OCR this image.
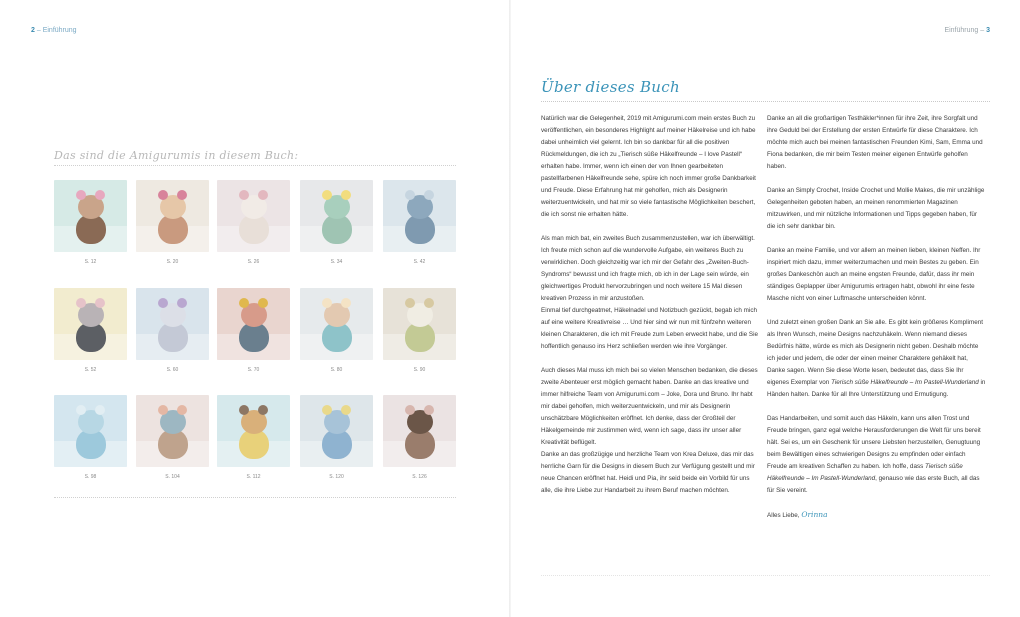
2 – Einführung
Das sind die Amigurumis in diesem Buch:
S. 12	S. 20	S. 26	S. 34	S. 42
S. 52	S. 60	S. 70	S. 80	S. 90
S. 98	S. 104	S. 112	S. 120	S. 126
Einführung – 3
Über dieses Buch

Natürlich war die Gelegenheit, 2019 mit Amigurumi.com mein erstes Buch zu veröffentlichen, ein besonderes Highlight auf meiner Häkelreise und ich habe dabei unheimlich viel gelernt. Ich bin so dankbar für all die positiven Rückmeldungen, die ich zu „Tierisch süße Häkelfreunde – I love Pastell“ erhalten habe. Immer, wenn ich einen der von Ihnen gearbeiteten pastellfarbenen Häkelfreunde sehe, spüre ich noch immer große Dankbarkeit und Freude. Diese Erfahrung hat mir geholfen, mich als Designerin weiterzuentwickeln, und hat mir so viele fantastische Möglichkeiten beschert, die ich sonst nie erhalten hätte.

Als man mich bat, ein zweites Buch zusammenzustellen, war ich überwältigt. Ich freute mich schon auf die wundervolle Aufgabe, ein weiteres Buch zu verwirklichen. Doch gleichzeitig war ich mir der Gefahr des „Zweiten-Buch-Syndroms“ bewusst und ich fragte mich, ob ich in der Lage sein würde, ein gleichwertiges Produkt hervorzubringen und noch weitere 15 Mal diesen kreativen Prozess in mir anzustoßen.

Einmal tief durchgeatmet, Häkelnadel und Notizbuch gezückt, begab ich mich auf eine weitere Kreativreise … Und hier sind wir nun mit fünfzehn weiteren kleinen Charakteren, die ich mit Freude zum Leben erweckt habe, und die Sie hoffentlich genauso ins Herz schließen werden wie ihre Vorgänger.

Auch dieses Mal muss ich mich bei so vielen Menschen bedanken, die dieses zweite Abenteuer erst möglich gemacht haben. Danke an das kreative und immer hilfreiche Team von Amigurumi.com – Joke, Dora und Bruno. Ihr habt mir dabei geholfen, mich weiterzuentwickeln, und mir als Designerin unschätzbare Möglichkeiten eröffnet. Ich denke, dass der Großteil der Häkelgemeinde mir zustimmen wird, wenn ich sage, dass ihr unser aller Kreativität beflügelt.

Danke an das großzügige und herzliche Team von Krea Deluxe, das mir das herrliche Garn für die Designs in diesem Buch zur Verfügung gestellt und mir neue Chancen eröffnet hat. Heidi und Pia, ihr seid beide ein Vorbild für uns alle, die ihre Liebe zur Handarbeit zu ihrem Beruf machen möchten.

Danke an all die großartigen Testhäkler*innen für ihre Zeit, ihre Sorgfalt und ihre Geduld bei der Erstellung der ersten Entwürfe für diese Charaktere. Ich möchte mich auch bei meinen fantastischen Freunden Kimi, Sam, Emma und Fiona bedanken, die mir beim Testen meiner eigenen Entwürfe geholfen haben.

Danke an Simply Crochet, Inside Crochet und Mollie Makes, die mir unzählige Gelegenheiten geboten haben, an meinen renommierten Magazinen mitzuwirken, und mir nützliche Informationen und Tipps gegeben haben, für die ich sehr dankbar bin.

Danke an meine Familie, und vor allem an meinen lieben, kleinen Neffen. Ihr inspiriert mich dazu, immer weiterzumachen und mein Bestes zu geben. Ein großes Dankeschön auch an meine engsten Freunde, dafür, dass ihr mein ständiges Geplapper über Amigurumis ertragen habt, obwohl ihr eine feste Masche nicht von einer Luftmasche unterscheiden könnt.

Und zuletzt einen großen Dank an Sie alle. Es gibt kein größeres Kompliment als Ihren Wunsch, meine Designs nachzuhäkeln. Wenn niemand dieses Bedürfnis hätte, würde es mich als Designerin nicht geben. Deshalb möchte ich jeder und jedem, die oder der einen meiner Charaktere gehäkelt hat, Danke sagen. Wenn Sie diese Worte lesen, bedeutet das, dass Sie Ihr eigenes Exemplar von Tierisch süße Häkelfreunde – Im Pastell-Wunderland in Händen halten. Danke für all Ihre Unterstützung und Ermutigung.

Das Handarbeiten, und somit auch das Häkeln, kann uns allen Trost und Freude bringen, ganz egal welche Herausforderungen die Welt für uns bereit hält. Sei es, um ein Geschenk für unsere Liebsten herzustellen, Genugtuung beim Bewältigen eines schwierigen Designs zu empfinden oder einfach Freude am kreativen Schaffen zu haben. Ich hoffe, dass Tierisch süße Häkelfreunde – Im Pastell-Wunderland, genauso wie das erste Buch, all das für Sie vereint.

Alles Liebe, Orinna
